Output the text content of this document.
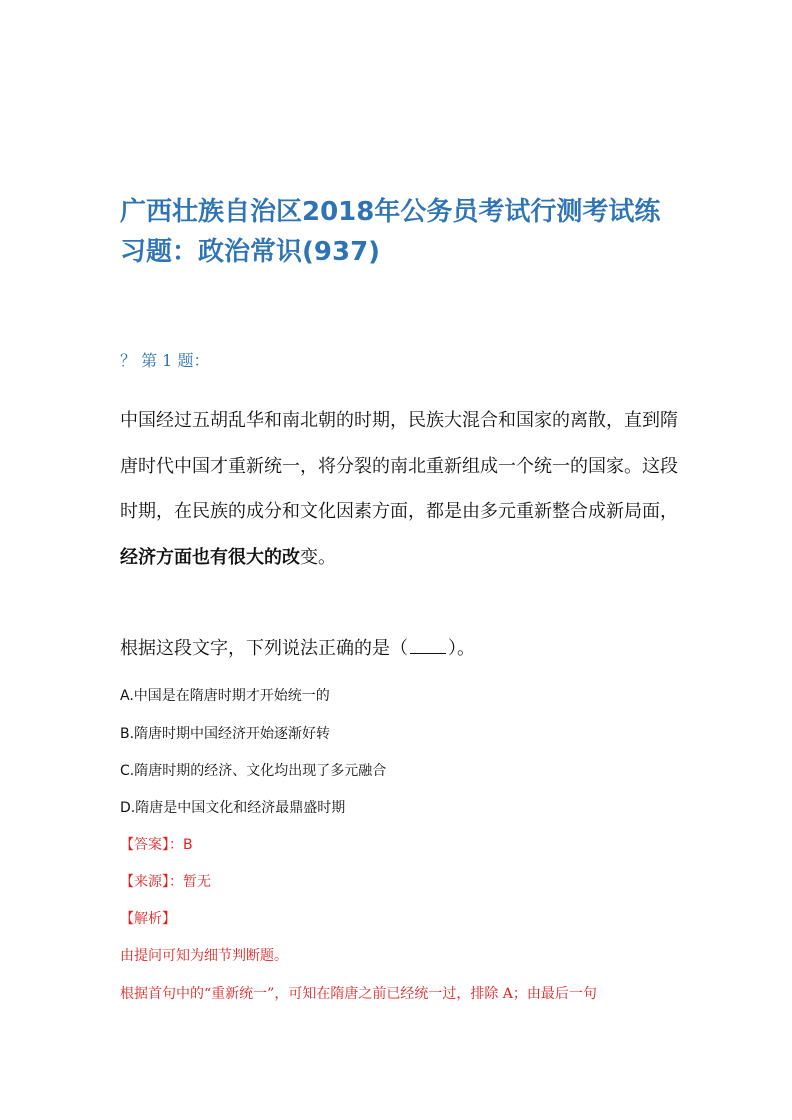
广西壮族自治区2018年公务员考试行测考试练习题：政治常识(937)
？ 第 1 题：

中国经过五胡乱华和南北朝的时期，民族大混合和国家的离散，直到隋唐时代中国才重新统一，将分裂的南北重新组成一个统一的国家。这段时期，在民族的成分和文化因素方面，都是由多元重新整合成新局面，经济方面也有很大的改变。

根据这段文字，下列说法正确的是（ ）。
A.中国是在隋唐时期才开始统一的
B.隋唐时期中国经济开始逐渐好转
C.隋唐时期的经济、文化均出现了多元融合
D.隋唐是中国文化和经济最鼎盛时期
【答案】：B
【来源】：暂无
【解析】
由提问可知为细节判断题。
根据首句中的“重新统一”，可知在隋唐之前已经统一过，排除 A；由最后一句
